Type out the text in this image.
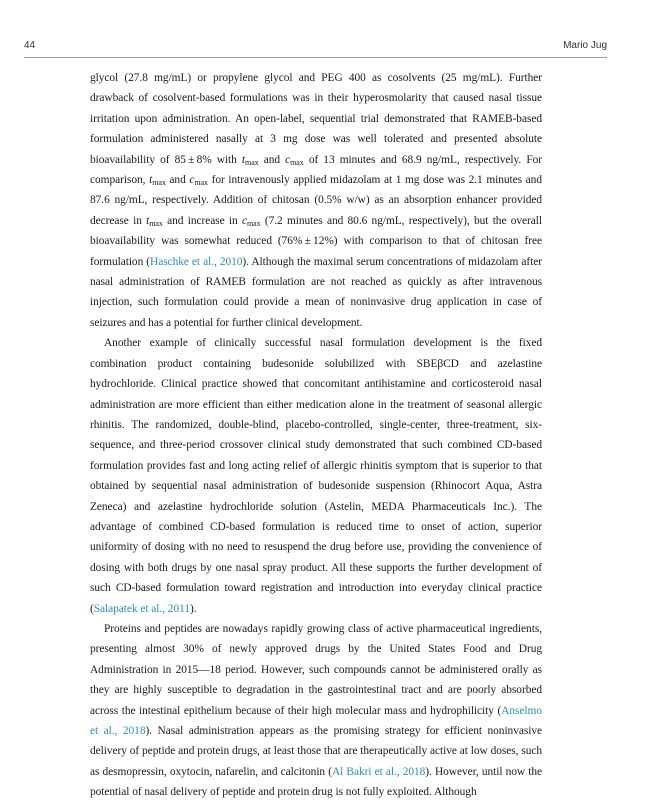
44	Mario Jug

glycol (27.8 mg/mL) or propylene glycol and PEG 400 as cosolvents (25 mg/mL). Further drawback of cosolvent-based formulations was in their hyperosmolarity that caused nasal tissue irritation upon administration. An open-label, sequential trial demonstrated that RAMEB-based formulation administered nasally at 3 mg dose was well tolerated and presented absolute bioavailability of 85 ± 8% with $t_{max}$ and $c_{max}$ of 13 minutes and 68.9 ng/mL, respectively. For comparison, $t_{max}$ and $c_{max}$ for intravenously applied midazolam at 1 mg dose was 2.1 minutes and 87.6 ng/mL, respectively. Addition of chitosan (0.5% w/w) as an absorption enhancer provided decrease in $t_{max}$ and increase in $c_{max}$ (7.2 minutes and 80.6 ng/mL, respectively), but the overall bioavailability was somewhat reduced (76% ± 12%) with comparison to that of chitosan free formulation (Haschke et al., 2010). Although the maximal serum concentrations of midazolam after nasal administration of RAMEB formulation are not reached as quickly as after intravenous injection, such formulation could provide a mean of noninvasive drug application in case of seizures and has a potential for further clinical development.

Another example of clinically successful nasal formulation development is the fixed combination product containing budesonide solubilized with SBEβCD and azelastine hydrochloride. Clinical practice showed that concomitant antihistamine and corticosteroid nasal administration are more efficient than either medication alone in the treatment of seasonal allergic rhinitis. The randomized, double-blind, placebo-controlled, single-center, three-treatment, six-sequence, and three-period crossover clinical study demonstrated that such combined CD-based formulation provides fast and long acting relief of allergic rhinitis symptom that is superior to that obtained by sequential nasal administration of budesonide suspension (Rhinocort Aqua, Astra Zeneca) and azelastine hydrochloride solution (Astelin, MEDA Pharmaceuticals Inc.). The advantage of combined CD-based formulation is reduced time to onset of action, superior uniformity of dosing with no need to resuspend the drug before use, providing the convenience of dosing with both drugs by one nasal spray product. All these supports the further development of such CD-based formulation toward registration and introduction into everyday clinical practice (Salapatek et al., 2011).

Proteins and peptides are nowadays rapidly growing class of active pharmaceutical ingredients, presenting almost 30% of newly approved drugs by the United States Food and Drug Administration in 2015—18 period. However, such compounds cannot be administered orally as they are highly susceptible to degradation in the gastrointestinal tract and are poorly absorbed across the intestinal epithelium because of their high molecular mass and hydrophilicity (Anselmo et al., 2018). Nasal administration appears as the promising strategy for efficient noninvasive delivery of peptide and protein drugs, at least those that are therapeutically active at low doses, such as desmopressin, oxytocin, nafarelin, and calcitonin (Al Bakri et al., 2018). However, until now the potential of nasal delivery of peptide and protein drug is not fully exploited. Although
